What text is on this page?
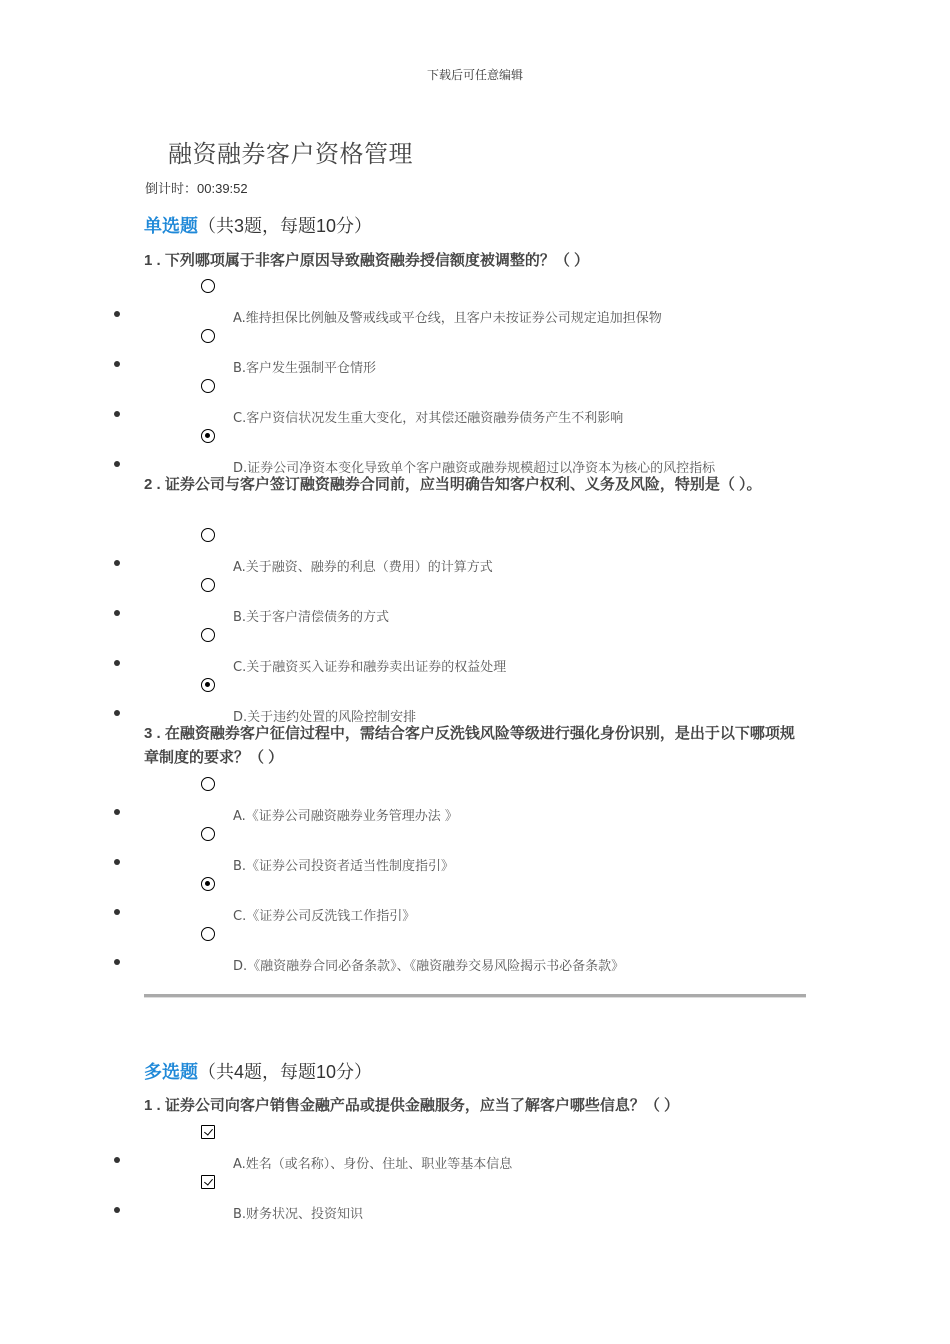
下载后可任意编辑
融资融券客户资格管理
倒计时：00:39:52
单选题（共3题，每题10分）
1 . 下列哪项属于非客户原因导致融资融券授信额度被调整的？（ ）
A.维持担保比例触及警戒线或平仓线，且客户未按证券公司规定追加担保物
B.客户发生强制平仓情形
C.客户资信状况发生重大变化，对其偿还融资融券债务产生不利影响
D.证券公司净资本变化导致单个客户融资或融券规模超过以净资本为核心的风控指标
2 . 证券公司与客户签订融资融券合同前，应当明确告知客户权利、义务及风险，特别是（ ）。
A.关于融资、融券的利息（费用）的计算方式
B.关于客户清偿债务的方式
C.关于融资买入证券和融券卖出证券的权益处理
D.关于违约处置的风险控制安排
3 . 在融资融券客户征信过程中，需结合客户反洗钱风险等级进行强化身份识别，是出于以下哪项规章制度的要求？（ ）
A.《证券公司融资融券业务管理办法 》
B.《证券公司投资者适当性制度指引》
C.《证券公司反洗钱工作指引》
D.《融资融券合同必备条款》、《融资融券交易风险揭示书必备条款》
多选题（共4题，每题10分）
1 . 证券公司向客户销售金融产品或提供金融服务，应当了解客户哪些信息？（ ）
A.姓名（或名称）、身份、住址、职业等基本信息
B.财务状况、投资知识
